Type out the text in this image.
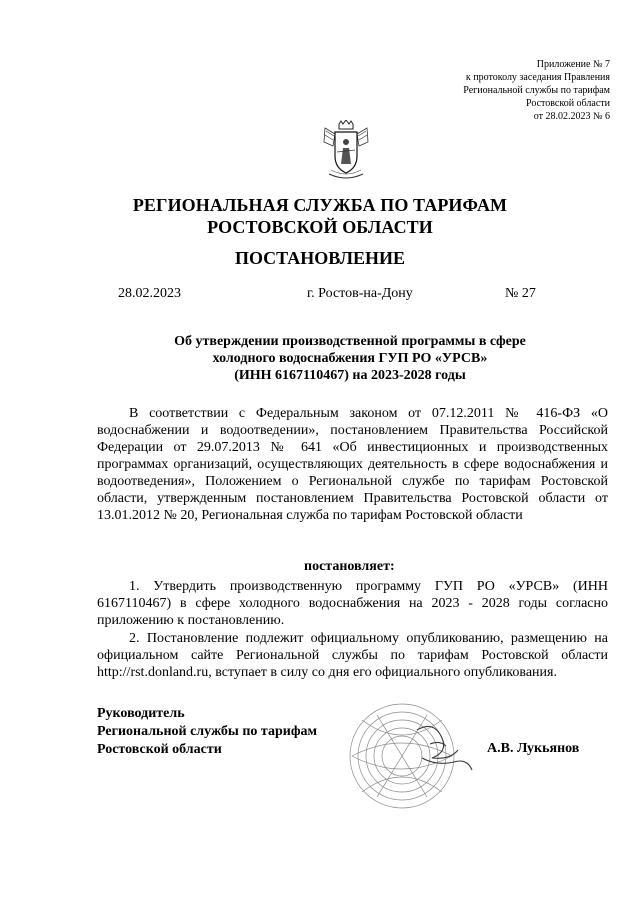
Приложение № 7
к протоколу заседания Правления
Региональной службы по тарифам
Ростовской области
от 28.02.2023 № 6
РЕГИОНАЛЬНАЯ СЛУЖБА ПО ТАРИФАМ
РОСТОВСКОЙ ОБЛАСТИ
ПОСТАНОВЛЕНИЕ
28.02.2023	г. Ростов-на-Дону	№ 27
Об утверждении производственной программы в сфере
холодного водоснабжения ГУП РО «УРСВ»
(ИНН 6167110467) на 2023-2028 годы

В соответствии с Федеральным законом от 07.12.2011 № 416-ФЗ «О водоснабжении и водоотведении», постановлением Правительства Российской Федерации от 29.07.2013 № 641 «Об инвестиционных и производственных программах организаций, осуществляющих деятельность в сфере водоснабжения и водоотведения», Положением о Региональной службе по тарифам Ростовской области, утвержденным постановлением Правительства Ростовской области от 13.01.2012 № 20, Региональная служба по тарифам Ростовской области

постановляет:

1. Утвердить производственную программу ГУП РО «УРСВ» (ИНН 6167110467) в сфере холодного водоснабжения на 2023 - 2028 годы согласно приложению к постановлению.

2. Постановление подлежит официальному опубликованию, размещению на официальном сайте Региональной службы по тарифам Ростовской области http://rst.donland.ru, вступает в силу со дня его официального опубликования.

Руководитель
Региональной службы по тарифам
Ростовской области	А.В. Лукьянов
